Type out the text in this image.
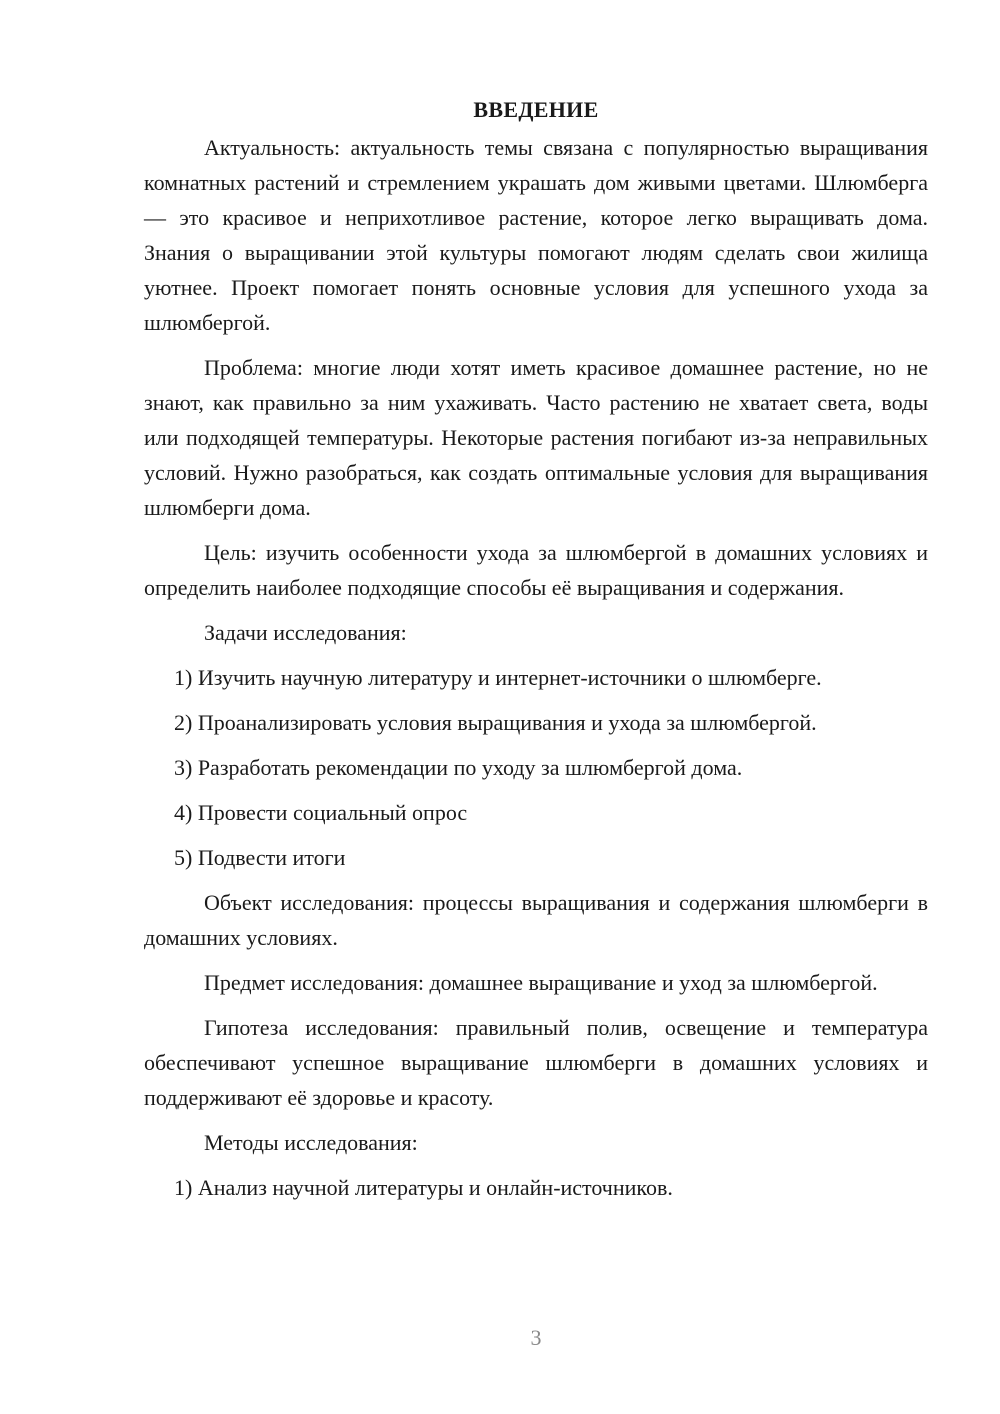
ВВЕДЕНИЕ

Актуальность: актуальность темы связана с популярностью выращивания комнатных растений и стремлением украшать дом живыми цветами. Шлюмберга — это красивое и неприхотливое растение, которое легко выращивать дома. Знания о выращивании этой культуры помогают людям сделать свои жилища уютнее. Проект помогает понять основные условия для успешного ухода за шлюмбергой.

Проблема: многие люди хотят иметь красивое домашнее растение, но не знают, как правильно за ним ухаживать. Часто растению не хватает света, воды или подходящей температуры. Некоторые растения погибают из-за неправильных условий. Нужно разобраться, как создать оптимальные условия для выращивания шлюмберги дома.

Цель: изучить особенности ухода за шлюмбергой в домашних условиях и определить наиболее подходящие способы её выращивания и содержания.

Задачи исследования:

1) Изучить научную литературу и интернет-источники о шлюмберге.
2) Проанализировать условия выращивания и ухода за шлюмбергой.
3) Разработать рекомендации по уходу за шлюмбергой дома.
4) Провести социальный опрос
5) Подвести итоги

Объект исследования: процессы выращивания и содержания шлюмберги в домашних условиях.

Предмет исследования: домашнее выращивание и уход за шлюмбергой.

Гипотеза исследования: правильный полив, освещение и температура обеспечивают успешное выращивание шлюмберги в домашних условиях и поддерживают её здоровье и красоту.

Методы исследования:

1) Анализ научной литературы и онлайн-источников.
3
